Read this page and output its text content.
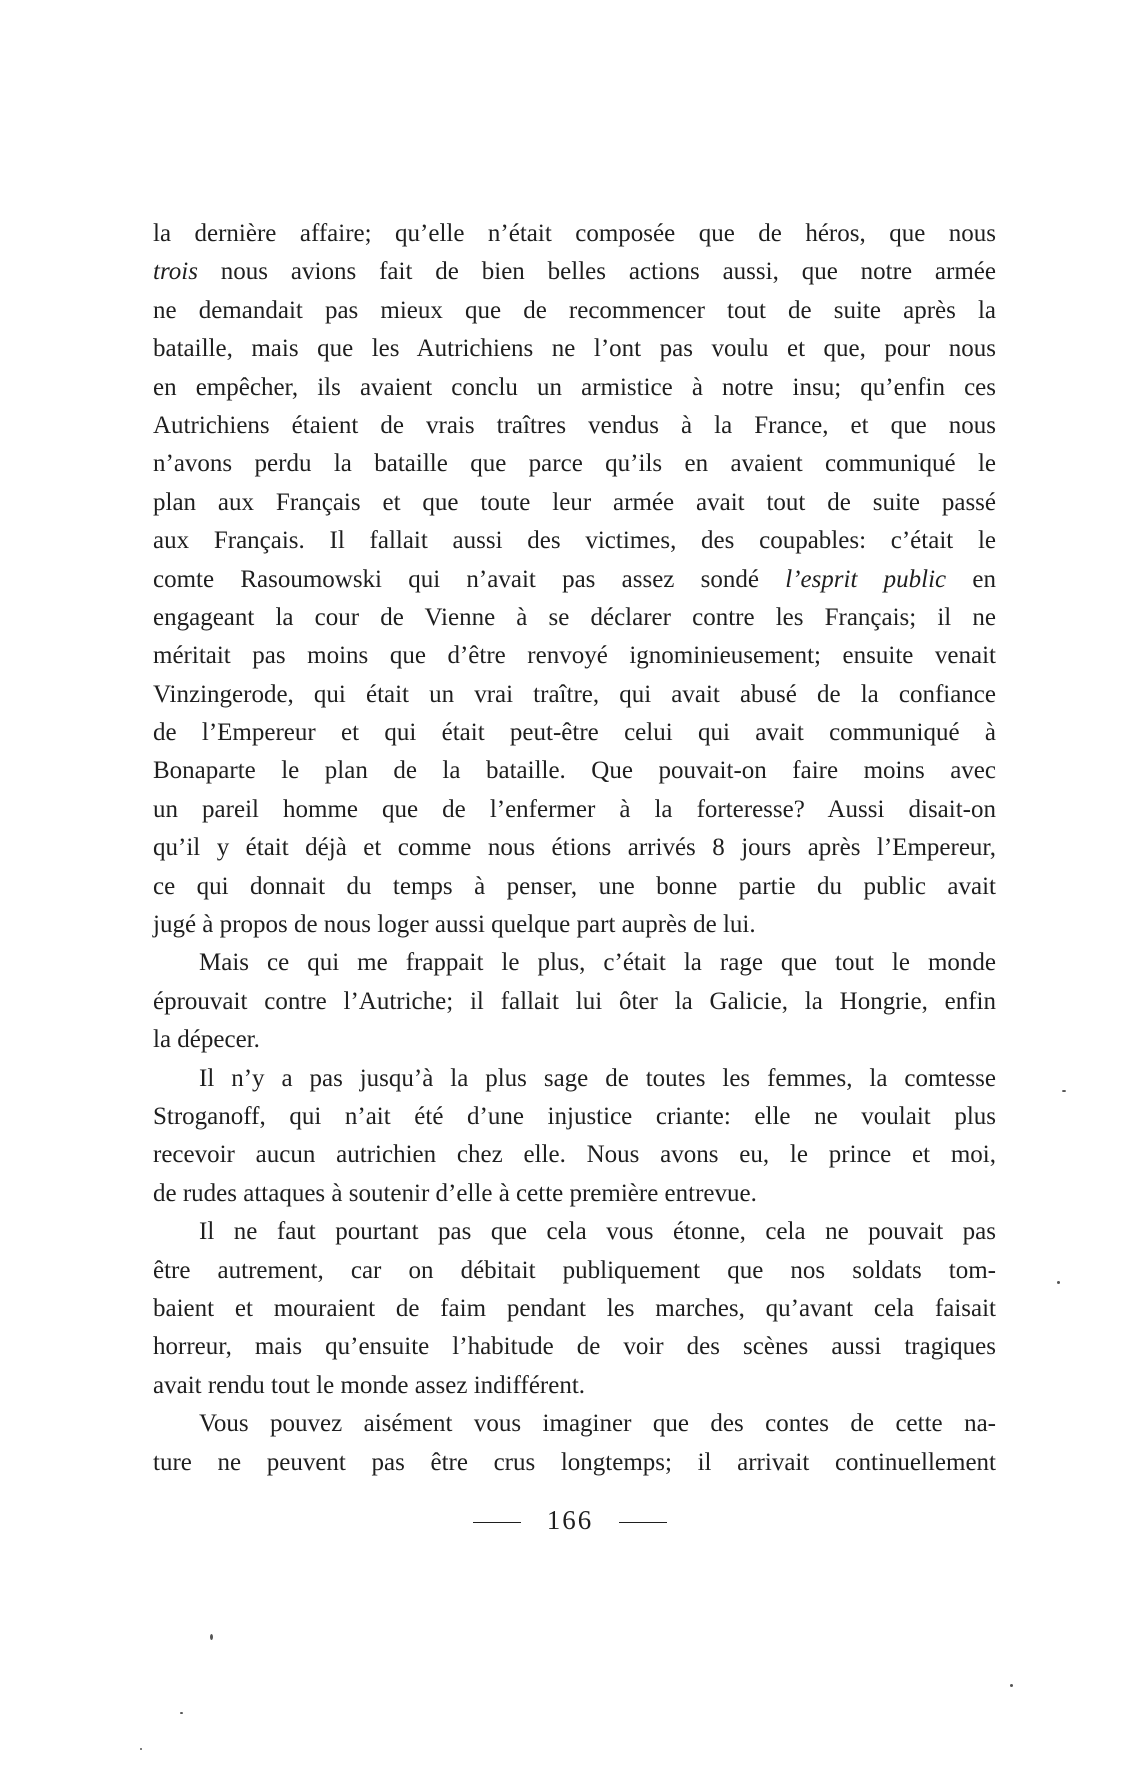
la dernière affaire; qu’elle n’était composée que de héros, que nous
trois nous avions fait de bien belles actions aussi, que notre armée
ne demandait pas mieux que de recommencer tout de suite après la
bataille, mais que les Autrichiens ne l’ont pas voulu et que, pour nous
en empêcher, ils avaient conclu un armistice à notre insu; qu’enfin ces
Autrichiens étaient de vrais traîtres vendus à la France, et que nous
n’avons perdu la bataille que parce qu’ils en avaient communiqué le
plan aux Français et que toute leur armée avait tout de suite passé
aux Français. Il fallait aussi des victimes, des coupables: c’était le
comte Rasoumowski qui n’avait pas assez sondé l’esprit public en
engageant la cour de Vienne à se déclarer contre les Français; il ne
méritait pas moins que d’être renvoyé ignominieusement; ensuite venait
Vinzingerode, qui était un vrai traître, qui avait abusé de la confiance
de l’Empereur et qui était peut-être celui qui avait communiqué à
Bonaparte le plan de la bataille. Que pouvait-on faire moins avec
un pareil homme que de l’enfermer à la forteresse? Aussi disait-on
qu’il y était déjà et comme nous étions arrivés 8 jours après l’Empereur,
ce qui donnait du temps à penser, une bonne partie du public avait
jugé à propos de nous loger aussi quelque part auprès de lui.
Mais ce qui me frappait le plus, c’était la rage que tout le monde
éprouvait contre l’Autriche; il fallait lui ôter la Galicie, la Hongrie, enfin
la dépecer.
Il n’y a pas jusqu’à la plus sage de toutes les femmes, la comtesse
Stroganoff, qui n’ait été d’une injustice criante: elle ne voulait plus
recevoir aucun autrichien chez elle. Nous avons eu, le prince et moi,
de rudes attaques à soutenir d’elle à cette première entrevue.
Il ne faut pourtant pas que cela vous étonne, cela ne pouvait pas
être autrement, car on débitait publiquement que nos soldats tom-
baient et mouraient de faim pendant les marches, qu’avant cela faisait
horreur, mais qu’ensuite l’habitude de voir des scènes aussi tragiques
avait rendu tout le monde assez indifférent.
Vous pouvez aisément vous imaginer que des contes de cette na-
ture ne peuvent pas être crus longtemps; il arrivait continuellement
166
